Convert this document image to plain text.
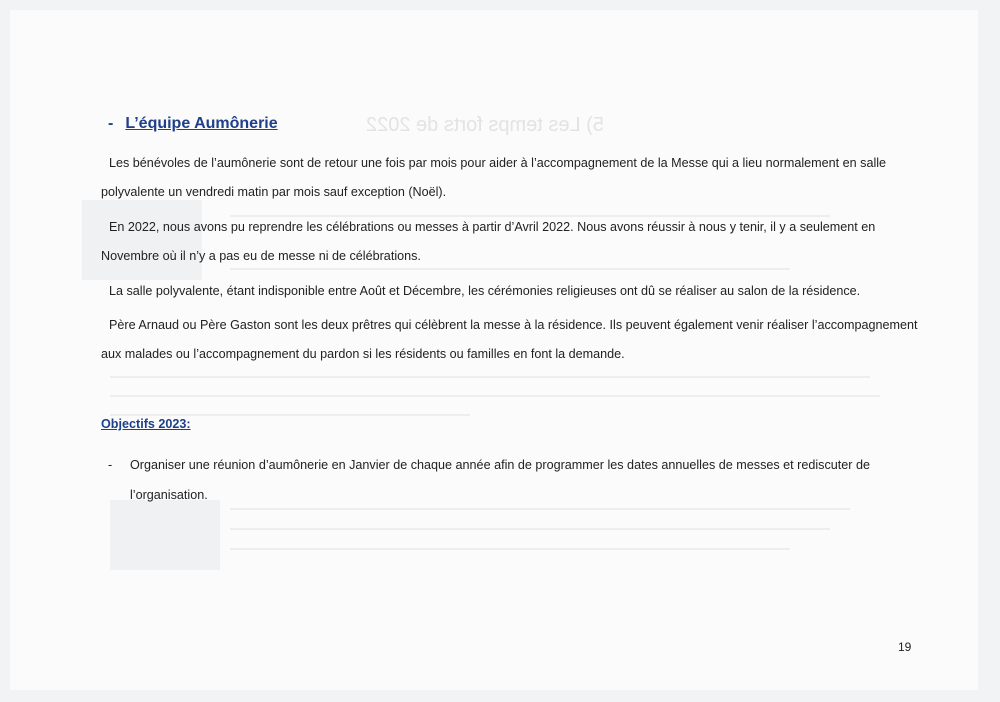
5) Les temps forts de 2022
- L’équipe Aumônerie

Les bénévoles de l’aumônerie sont de retour une fois par mois pour aider à l’accompagnement de la Messe qui a lieu normalement en salle polyvalente un vendredi matin par mois sauf exception (Noël).

En 2022, nous avons pu reprendre les célébrations ou messes à partir d’Avril 2022. Nous avons réussir à nous y tenir, il y a seulement en Novembre où il n’y a pas eu de messe ni de célébrations.

La salle polyvalente, étant indisponible entre Août et Décembre, les cérémonies religieuses ont dû se réaliser au salon de la résidence.

Père Arnaud ou Père Gaston sont les deux prêtres qui célèbrent la messe à la résidence. Ils peuvent également venir réaliser l’accompagnement aux malades ou l’accompagnement du pardon si les résidents ou familles en font la demande.

Objectifs 2023:
-	Organiser une réunion d’aumônerie en Janvier de chaque année afin de programmer les dates annuelles de messes et rediscuter de l’organisation.
19
